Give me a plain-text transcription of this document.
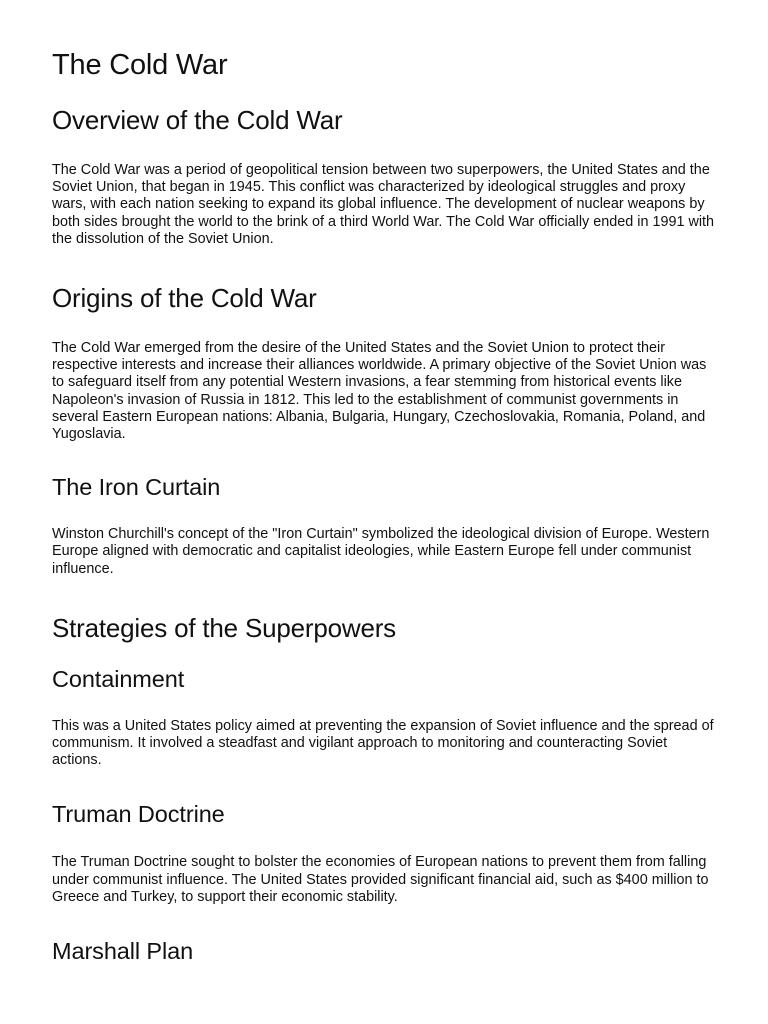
The Cold War
Overview of the Cold War

The Cold War was a period of geopolitical tension between two superpowers, the United States and the Soviet Union, that began in 1945. This conflict was characterized by ideological struggles and proxy wars, with each nation seeking to expand its global influence. The development of nuclear weapons by both sides brought the world to the brink of a third World War. The Cold War officially ended in 1991 with the dissolution of the Soviet Union.

Origins of the Cold War

The Cold War emerged from the desire of the United States and the Soviet Union to protect their respective interests and increase their alliances worldwide. A primary objective of the Soviet Union was to safeguard itself from any potential Western invasions, a fear stemming from historical events like Napoleon's invasion of Russia in 1812. This led to the establishment of communist governments in several Eastern European nations: Albania, Bulgaria, Hungary, Czechoslovakia, Romania, Poland, and Yugoslavia.

The Iron Curtain

Winston Churchill's concept of the "Iron Curtain" symbolized the ideological division of Europe. Western Europe aligned with democratic and capitalist ideologies, while Eastern Europe fell under communist influence.

Strategies of the Superpowers
Containment

This was a United States policy aimed at preventing the expansion of Soviet influence and the spread of communism. It involved a steadfast and vigilant approach to monitoring and counteracting Soviet actions.

Truman Doctrine

The Truman Doctrine sought to bolster the economies of European nations to prevent them from falling under communist influence. The United States provided significant financial aid, such as $400 million to Greece and Turkey, to support their economic stability.

Marshall Plan
